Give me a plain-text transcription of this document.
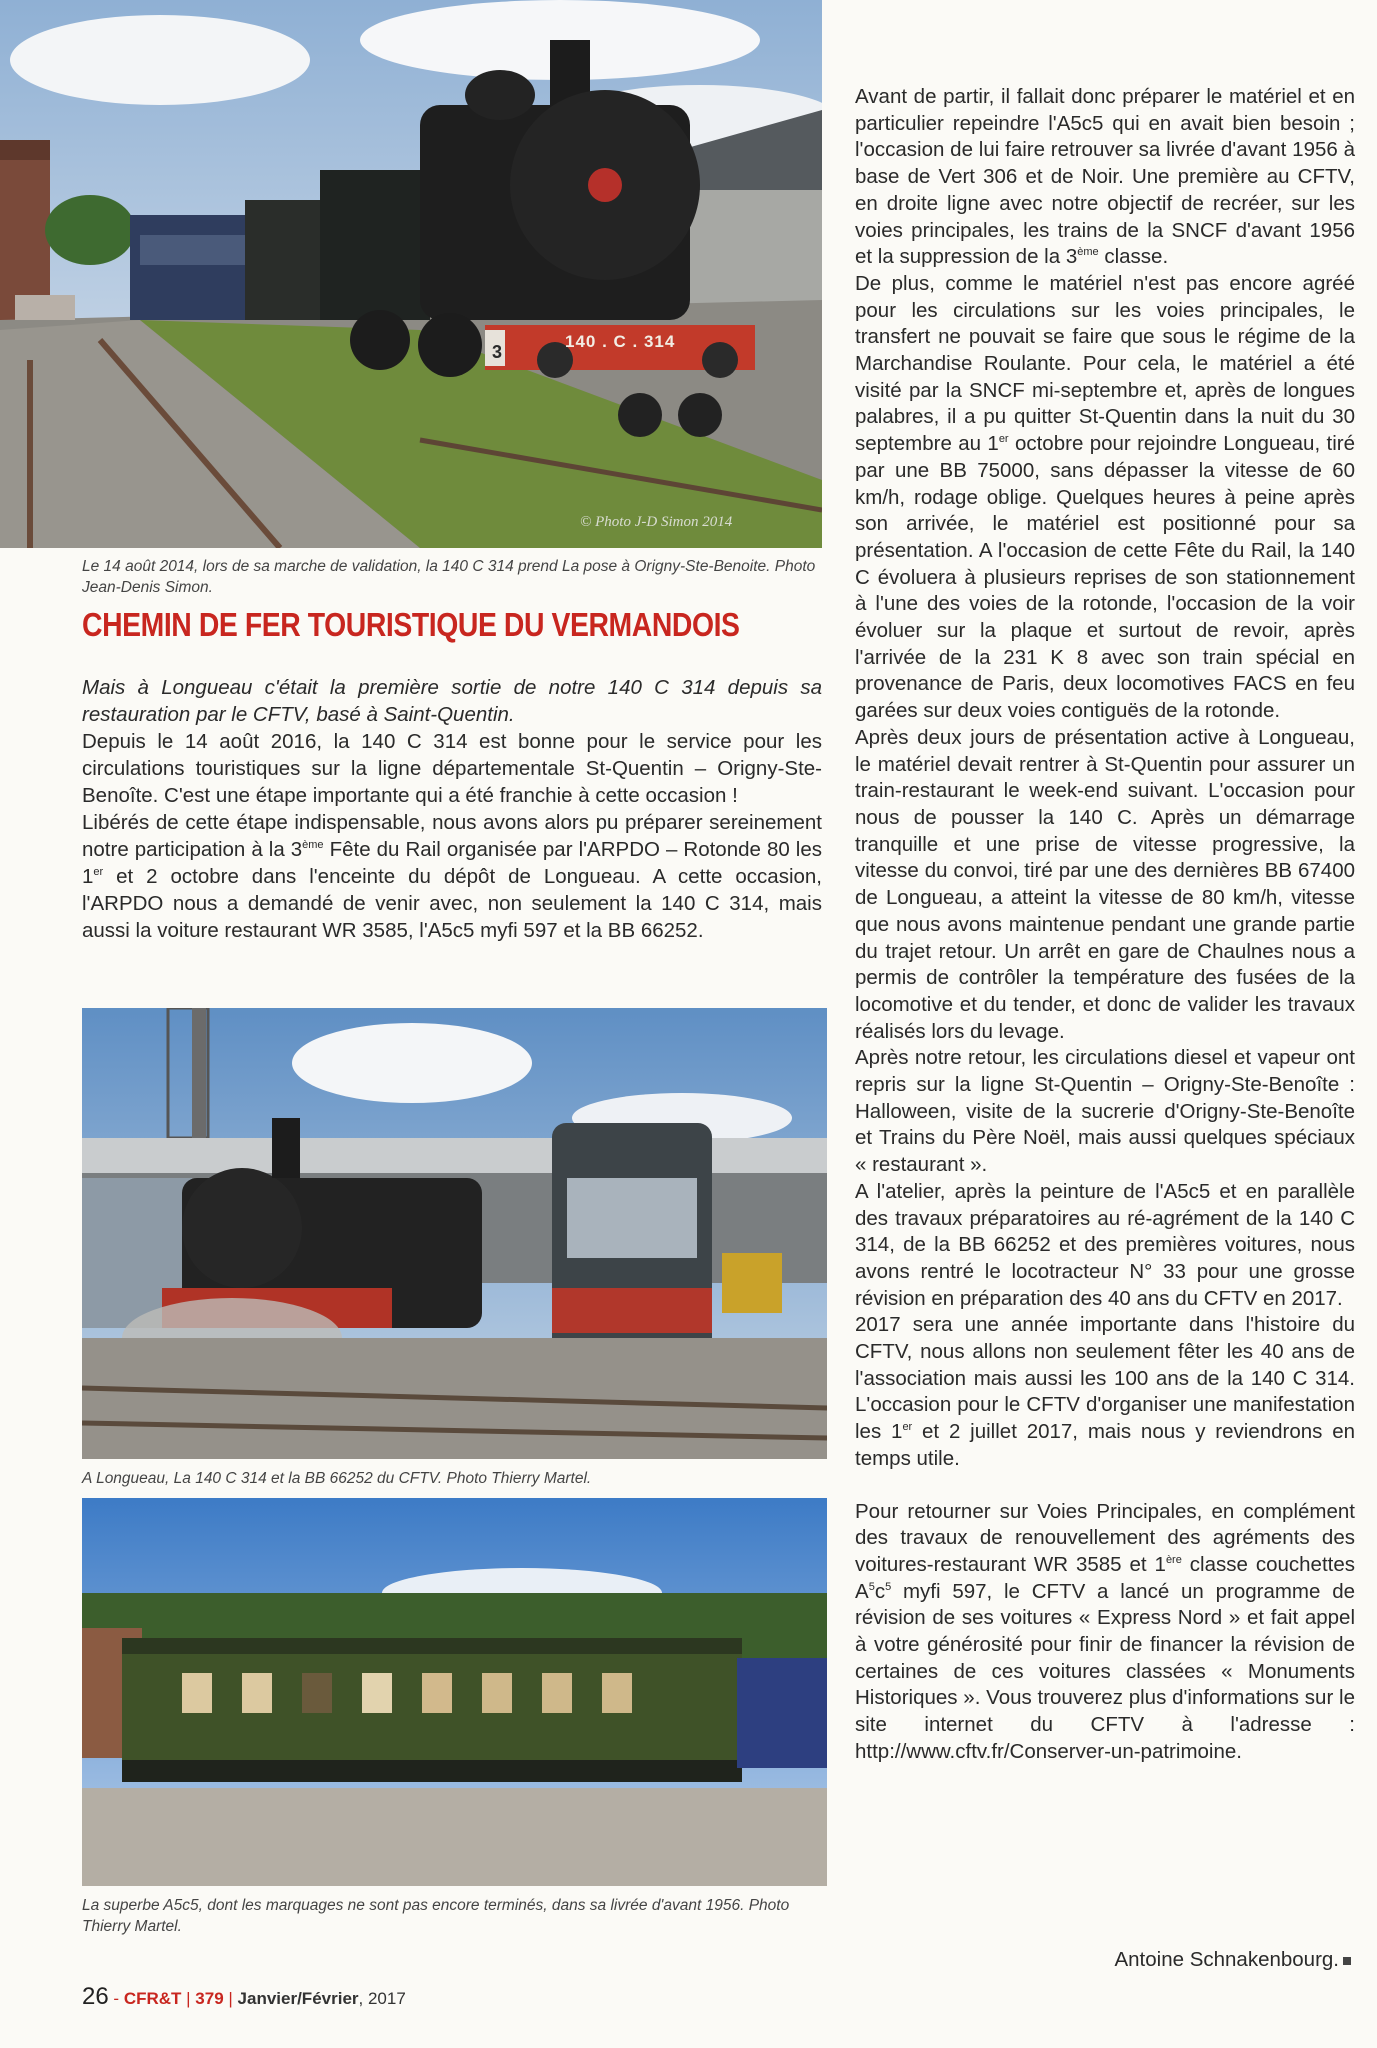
140 . C . 314
3
© Photo J-D Simon 2014
Le 14 août 2014, lors de sa marche de validation, la 140 C 314 prend La pose à Origny-Ste-Benoite. Photo Jean-Denis Simon.
CHEMIN DE FER TOURISTIQUE DU VERMANDOIS

Mais à Longueau c'était la première sortie de notre 140 C 314 depuis sa restauration par le CFTV, basé à Saint-Quentin.

Depuis le 14 août 2016, la 140 C 314 est bonne pour le service pour les circulations touristiques sur la ligne départementale St-Quentin – Origny-Ste-Benoîte. C'est une étape importante qui a été franchie à cette occasion !

Libérés de cette étape indispensable, nous avons alors pu préparer sereinement notre participation à la 3ème Fête du Rail organisée par l'ARPDO – Rotonde 80 les 1er et 2 octobre dans l'enceinte du dépôt de Longueau. A cette occasion, l'ARPDO nous a demandé de venir avec, non seulement la 140 C 314, mais aussi la voiture restaurant WR 3585, l'A5c5 myfi 597 et la BB 66252.

A Longueau, La 140 C 314 et la BB 66252 du CFTV. Photo Thierry Martel.
La superbe A5c5, dont les marquages ne sont pas encore terminés, dans sa livrée d'avant 1956. Photo Thierry Martel.

Avant de partir, il fallait donc préparer le matériel et en particulier repeindre l'A5c5 qui en avait bien besoin ; l'occasion de lui faire retrouver sa livrée d'avant 1956 à base de Vert 306 et de Noir. Une première au CFTV, en droite ligne avec notre objectif de recréer, sur les voies principales, les trains de la SNCF d'avant 1956 et la suppression de la 3ème classe.

De plus, comme le matériel n'est pas encore agréé pour les circulations sur les voies principales, le transfert ne pouvait se faire que sous le régime de la Marchandise Roulante. Pour cela, le matériel a été visité par la SNCF mi-septembre et, après de longues palabres, il a pu quitter St-Quentin dans la nuit du 30 septembre au 1er octobre pour rejoindre Longueau, tiré par une BB 75000, sans dépasser la vitesse de 60 km/h, rodage oblige. Quelques heures à peine après son arrivée, le matériel est positionné pour sa présentation. A l'occasion de cette Fête du Rail, la 140 C évoluera à plusieurs reprises de son stationnement à l'une des voies de la rotonde, l'occasion de la voir évoluer sur la plaque et surtout de revoir, après l'arrivée de la 231 K 8 avec son train spécial en provenance de Paris, deux locomotives FACS en feu garées sur deux voies contiguës de la rotonde.

Après deux jours de présentation active à Longueau, le matériel devait rentrer à St-Quentin pour assurer un train-restaurant le week-end suivant. L'occasion pour nous de pousser la 140 C. Après un démarrage tranquille et une prise de vitesse progressive, la vitesse du convoi, tiré par une des dernières BB 67400 de Longueau, a atteint la vitesse de 80 km/h, vitesse que nous avons maintenue pendant une grande partie du trajet retour. Un arrêt en gare de Chaulnes nous a permis de contrôler la température des fusées de la locomotive et du tender, et donc de valider les travaux réalisés lors du levage.

Après notre retour, les circulations diesel et vapeur ont repris sur la ligne St-Quentin – Origny-Ste-Benoîte : Halloween, visite de la sucrerie d'Origny-Ste-Benoîte et Trains du Père Noël, mais aussi quelques spéciaux « restaurant ».

A l'atelier, après la peinture de l'A5c5 et en parallèle des travaux préparatoires au ré-agrément de la 140 C 314, de la BB 66252 et des premières voitures, nous avons rentré le locotracteur N° 33 pour une grosse révision en préparation des 40 ans du CFTV en 2017.

2017 sera une année importante dans l'histoire du CFTV, nous allons non seulement fêter les 40 ans de l'association mais aussi les 100 ans de la 140 C 314. L'occasion pour le CFTV d'organiser une manifestation les 1er et 2 juillet 2017, mais nous y reviendrons en temps utile.

Pour retourner sur Voies Principales, en complément des travaux de renouvellement des agréments des voitures-restaurant WR 3585 et 1ère classe couchettes $A^5c^5$ myfi 597, le CFTV a lancé un programme de révision de ses voitures « Express Nord » et fait appel à votre générosité pour finir de financer la révision de certaines de ces voitures classées « Monuments Historiques ». Vous trouverez plus d'informations sur le site internet du CFTV à l'adresse : http://www.cftv.fr/Conserver-un-patrimoine.

Antoine Schnakenbourg.
26 - CFR&T | 379 | Janvier/Février, 2017
